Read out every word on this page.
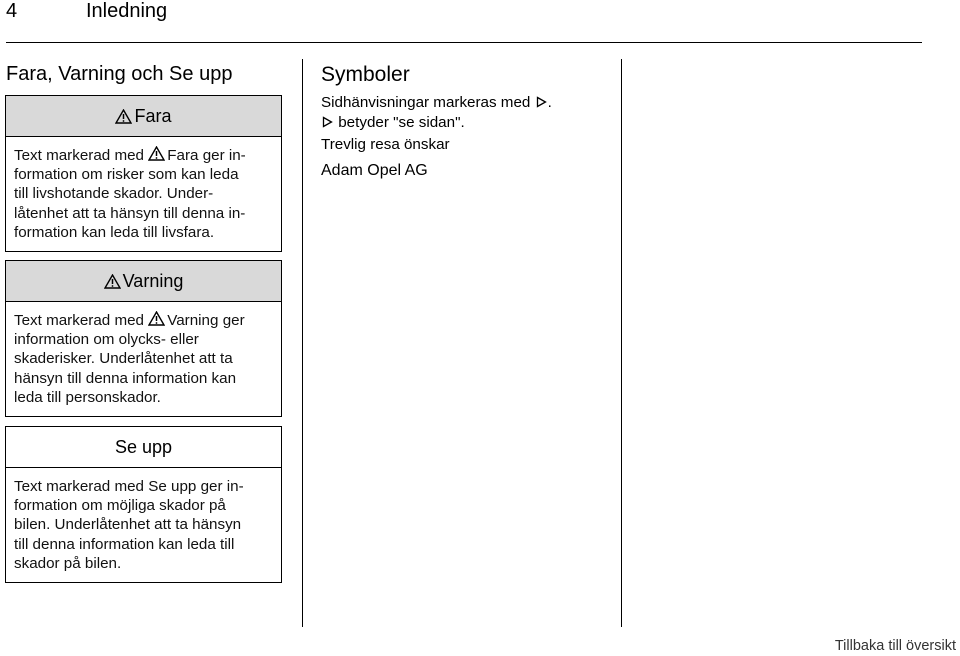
4	Inledning
Fara, Varning och Se upp
Fara
Text markerad med Fara ger in-
formation om risker som kan leda
till livshotande skador. Under-
låtenhet att ta hänsyn till denna in-
formation kan leda till livsfara.
Varning
Text markerad med Varning ger
information om olycks- eller
skaderisker. Underlåtenhet att ta
hänsyn till denna information kan
leda till personskador.
Se upp
Text markerad med Se upp ger in-
formation om möjliga skador på
bilen. Underlåtenhet att ta hänsyn
till denna information kan leda till
skador på bilen.
Symboler
Sidhänvisningar markeras med .
betyder "se sidan".
Trevlig resa önskar
Adam Opel AG
Tillbaka till översikt
